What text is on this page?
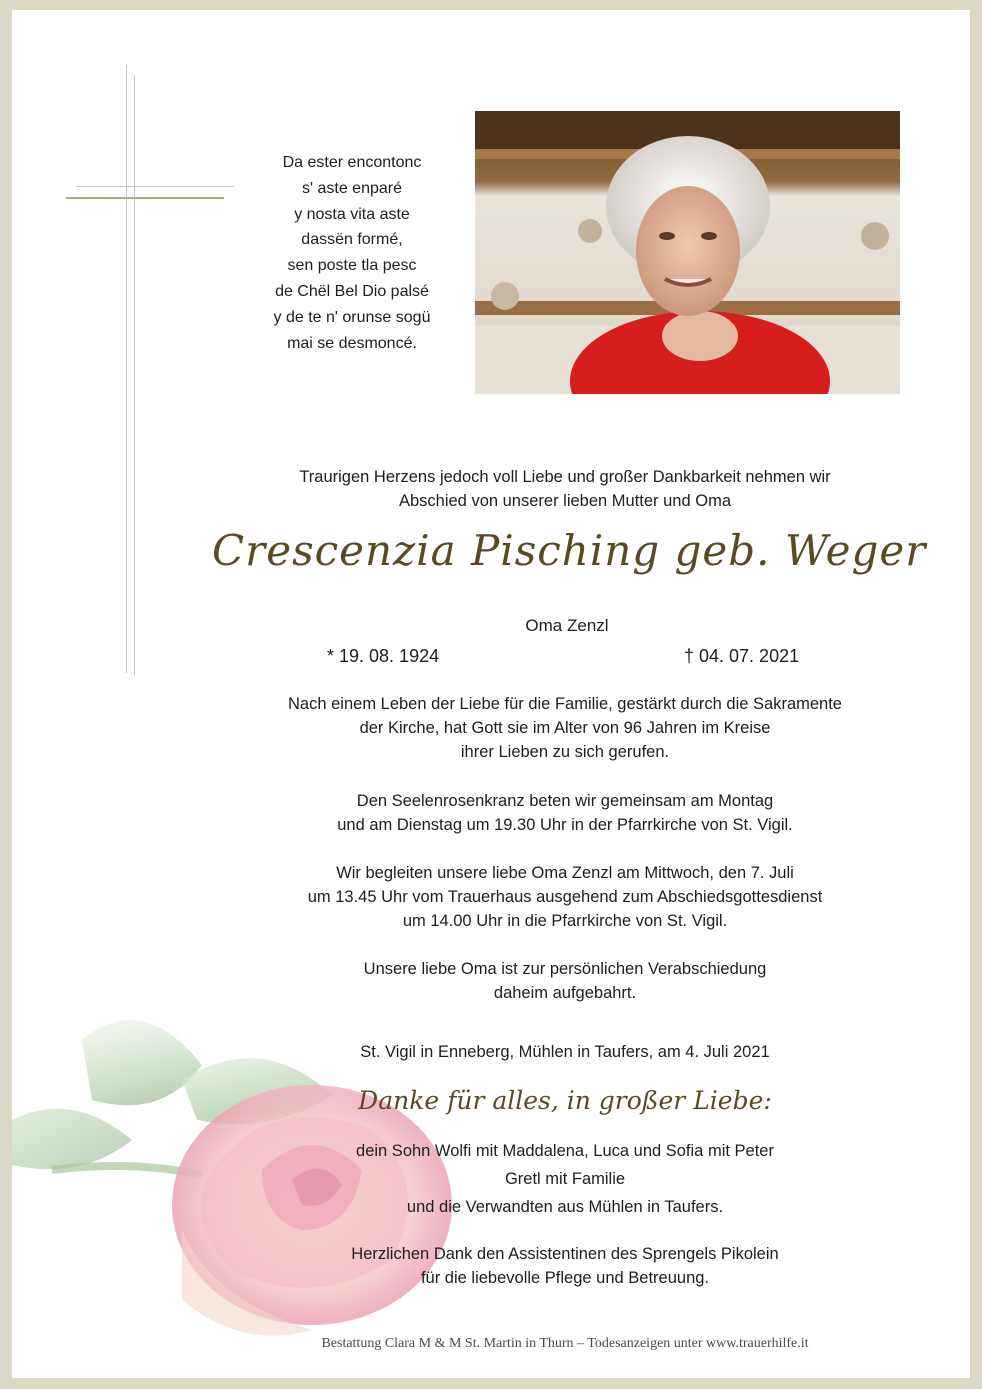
Da ester encontonc
s' aste enparé
y nosta vita aste
dassën formé,
sen poste tla pesc
de Chël Bel Dio palsé
y de te n' orunse sogü
mai se desmoncé.
Traurigen Herzens jedoch voll Liebe und großer Dankbarkeit nehmen wir
Abschied von unserer lieben Mutter und Oma
Crescenzia Pisching geb. Weger
Oma Zenzl
* 19. 08. 1924	† 04. 07. 2021
Nach einem Leben der Liebe für die Familie, gestärkt durch die Sakramente
der Kirche, hat Gott sie im Alter von 96 Jahren im Kreise
ihrer Lieben zu sich gerufen.
Den Seelenrosenkranz beten wir gemeinsam am Montag
und am Dienstag um 19.30 Uhr in der Pfarrkirche von St. Vigil.
Wir begleiten unsere liebe Oma Zenzl am Mittwoch, den 7. Juli
um 13.45 Uhr vom Trauerhaus ausgehend zum Abschiedsgottesdienst
um 14.00 Uhr in die Pfarrkirche von St. Vigil.
Unsere liebe Oma ist zur persönlichen Verabschiedung
daheim aufgebahrt.
St. Vigil in Enneberg, Mühlen in Taufers, am 4. Juli 2021
Danke für alles, in großer Liebe:
dein Sohn Wolfi mit Maddalena, Luca und Sofia mit Peter
Gretl mit Familie
und die Verwandten aus Mühlen in Taufers.
Herzlichen Dank den Assistentinen des Sprengels Pikolein
für die liebevolle Pflege und Betreuung.
Bestattung Clara M & M St. Martin in Thurn – Todesanzeigen unter www.trauerhilfe.it
